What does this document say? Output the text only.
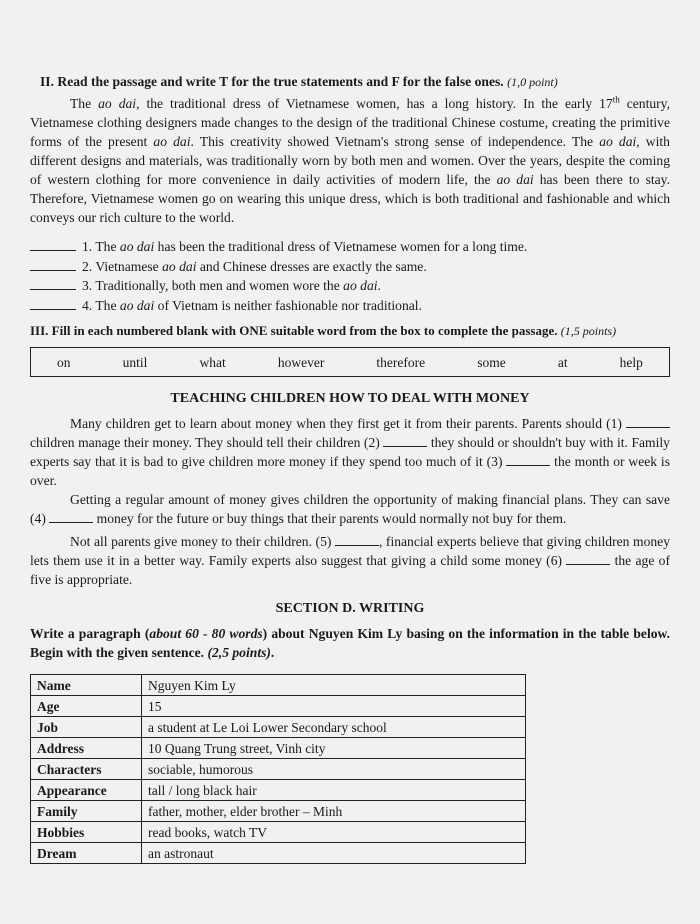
II. Read the passage and write T for the true statements and F for the false ones. (1,0 point)

The ao dai, the traditional dress of Vietnamese women, has a long history. In the early 17th century, Vietnamese clothing designers made changes to the design of the traditional Chinese costume, creating the primitive forms of the present ao dai. This creativity showed Vietnam's strong sense of independence. The ao dai, with different designs and materials, was traditionally worn by both men and women. Over the years, despite the coming of western clothing for more convenience in daily activities of modern life, the ao dai has been there to stay. Therefore, Vietnamese women go on wearing this unique dress, which is both traditional and fashionable and which conveys our rich culture to the world.

1. The ao dai has been the traditional dress of Vietnamese women for a long time.
2. Vietnamese ao dai and Chinese dresses are exactly the same.
3. Traditionally, both men and women wore the ao dai.
4. The ao dai of Vietnam is neither fashionable nor traditional.
III. Fill in each numbered blank with ONE suitable word from the box to complete the passage. (1,5 points)
on	until	what	however	therefore	some	at	help
TEACHING CHILDREN HOW TO DEAL WITH MONEY

Many children get to learn about money when they first get it from their parents. Parents should (1)  children manage their money. They should tell their children (2)	they should or shouldn't buy with it. Family experts say that it is bad to give children more money if they spend too much of it (3)	the month or week is over.

Getting a regular amount of money gives children the opportunity of making financial plans. They can save (4)	money for the future or buy things that their parents would normally not buy for them.

Not all parents give money to their children. (5)	, financial experts believe that giving children money lets them use it in a better way. Family experts also suggest that giving a child some money (6)	the age of five is appropriate.

SECTION D. WRITING

Write a paragraph (about 60 - 80 words) about Nguyen Kim Ly basing on the information in the table below. Begin with the given sentence. (2,5 points).

Name	Nguyen Kim Ly
Age	15
Job	a student at Le Loi Lower Secondary school
Address	10 Quang Trung street, Vinh city
Characters	sociable, humorous
Appearance	tall / long black hair
Family	father, mother, elder brother – Minh
Hobbies	read books, watch TV
Dream	an astronaut
